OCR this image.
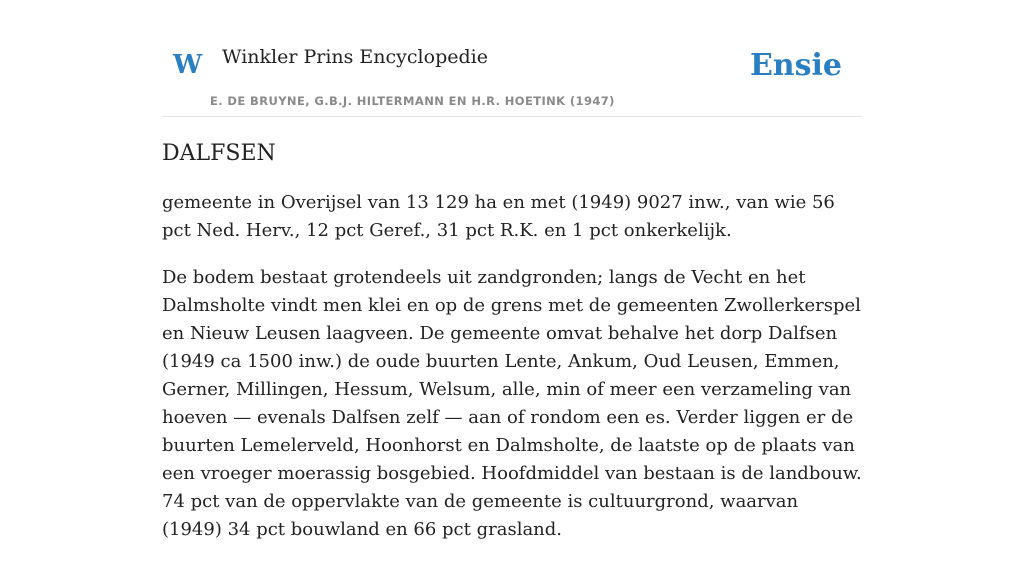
W Winkler Prins Encyclopedie
E. DE BRUYNE, G.B.J. HILTERMANN EN H.R. HOETINK (1947)
Ensie
DALFSEN

gemeente in Overijsel van 13 129 ha en met (1949) 9027 inw., van wie 56 pct Ned. Herv., 12 pct Geref., 31 pct R.K. en 1 pct onkerkelijk.

De bodem bestaat grotendeels uit zandgronden; langs de Vecht en het Dalmsholte vindt men klei en op de grens met de gemeenten Zwollerkerspel en Nieuw Leusen laagveen. De gemeente omvat behalve het dorp Dalfsen (1949 ca 1500 inw.) de oude buurten Lente, Ankum, Oud Leusen, Emmen, Gerner, Millingen, Hessum, Welsum, alle, min of meer een verzameling van hoeven — evenals Dalfsen zelf — aan of rondom een es. Verder liggen er de buurten Lemelerveld, Hoonhorst en Dalmsholte, de laatste op de plaats van een vroeger moerassig bosgebied. Hoofdmiddel van bestaan is de landbouw. 74 pct van de oppervlakte van de gemeente is cultuurgrond, waarvan (1949) 34 pct bouwland en 66 pct grasland.
